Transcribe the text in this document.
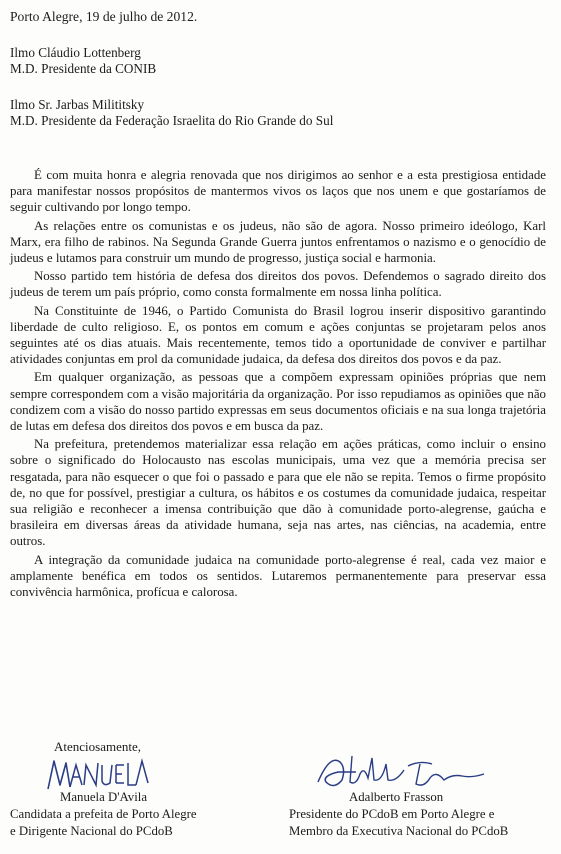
Porto Alegre, 19 de julho de 2012.
Ilmo Cláudio Lottenberg
M.D. Presidente da CONIB
Ilmo Sr. Jarbas Milititsky
M.D. Presidente da Federação Israelita do Rio Grande do Sul

É com muita honra e alegria renovada que nos dirigimos ao senhor e a esta prestigiosa entidade para manifestar nossos propósitos de mantermos vivos os laços que nos unem e que gostaríamos de seguir cultivando por longo tempo.

As relações entre os comunistas e os judeus, não são de agora. Nosso primeiro ideólogo, Karl Marx, era filho de rabinos. Na Segunda Grande Guerra juntos enfrentamos o nazismo e o genocídio de judeus e lutamos para construir um mundo de progresso, justiça social e harmonia.

Nosso partido tem história de defesa dos direitos dos povos. Defendemos o sagrado direito dos judeus de terem um país próprio, como consta formalmente em nossa linha política.

Na Constituinte de 1946, o Partido Comunista do Brasil logrou inserir dispositivo garantindo liberdade de culto religioso. E, os pontos em comum e ações conjuntas se projetaram pelos anos seguintes até os dias atuais. Mais recentemente, temos tido a oportunidade de conviver e partilhar atividades conjuntas em prol da comunidade judaica, da defesa dos direitos dos povos e da paz.

Em qualquer organização, as pessoas que a compõem expressam opiniões próprias que nem sempre correspondem com a visão majoritária da organização. Por isso repudiamos as opiniões que não condizem com a visão do nosso partido expressas em seus documentos oficiais e na sua longa trajetória de lutas em defesa dos direitos dos povos e em busca da paz.

Na prefeitura, pretendemos materializar essa relação em ações práticas, como incluir o ensino sobre o significado do Holocausto nas escolas municipais, uma vez que a memória precisa ser resgatada, para não esquecer o que foi o passado e para que ele não se repita. Temos o firme propósito de, no que for possível, prestigiar a cultura, os hábitos e os costumes da comunidade judaica, respeitar sua religião e reconhecer a imensa contribuição que dão à comunidade porto-alegrense, gaúcha e brasileira em diversas áreas da atividade humana, seja nas artes, nas ciências, na academia, entre outros.

A integração da comunidade judaica na comunidade porto-alegrense é real, cada vez maior e amplamente benéfica em todos os sentidos. Lutaremos permanentemente para preservar essa convivência harmônica, profícua e calorosa.

Atenciosamente,
Manuela D'Avila	Adalberto Frasson
Candidata a prefeita de Porto Alegre
e Dirigente Nacional do PCdoB
Presidente do PCdoB em Porto Alegre e
Membro da Executiva Nacional do PCdoB
